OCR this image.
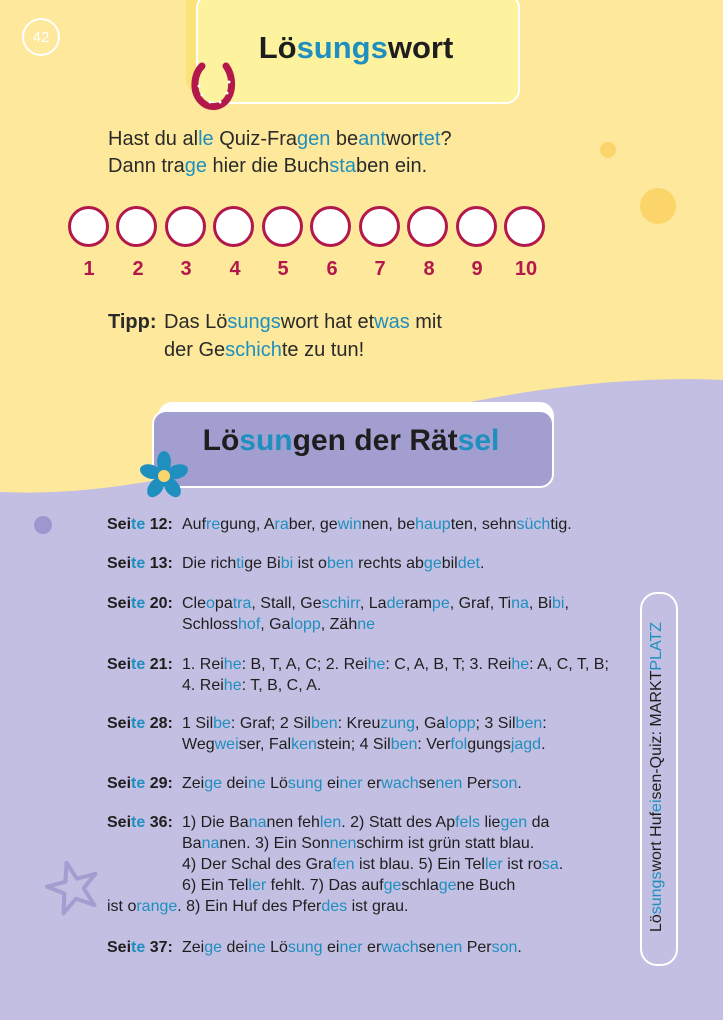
42	Lösungswort
Hast du alle Quiz-Fragen beantwortet?
Dann trage hier die Buchstaben ein.
1	2	3	4	5	6	7	8	9	10
Tipp: Das Lösungswort hat etwas mit
der Geschichte zu tun!
Lösungen der Rätsel
Seite 12: Aufregung, Araber, gewinnen, behaupten, sehnsüchtig.
Seite 13: Die richtige Bibi ist oben rechts abgebildet.
Seite 20: Cleopatra, Stall, Geschirr, Laderampe, Graf, Tina, Bibi,
Schlosshof, Galopp, Zähne
Seite 21: 1. Reihe: B, T, A, C; 2. Reihe: C, A, B, T; 3. Reihe: A, C, T, B;
4. Reihe: T, B, C, A.
Seite 28: 1 Silbe: Graf; 2 Silben: Kreuzung, Galopp; 3 Silben:
Wegweiser, Falkenstein; 4 Silben: Verfolgungsjagd.
Seite 29: Zeige deine Lösung einer erwachsenen Person.
Seite 36: 1) Die Bananen fehlen. 2) Statt des Apfels liegen da
Bananen. 3) Ein Sonnenschirm ist grün statt blau.
4) Der Schal des Grafen ist blau. 5) Ein Teller ist rosa.
6) Ein Teller fehlt. 7) Das aufgeschlagene Buch
ist orange. 8) Ein Huf des Pferdes ist grau.
Seite 37: Zeige deine Lösung einer erwachsenen Person.
Lösungswort Hufeisen-Quiz: MARKTPLATZ
